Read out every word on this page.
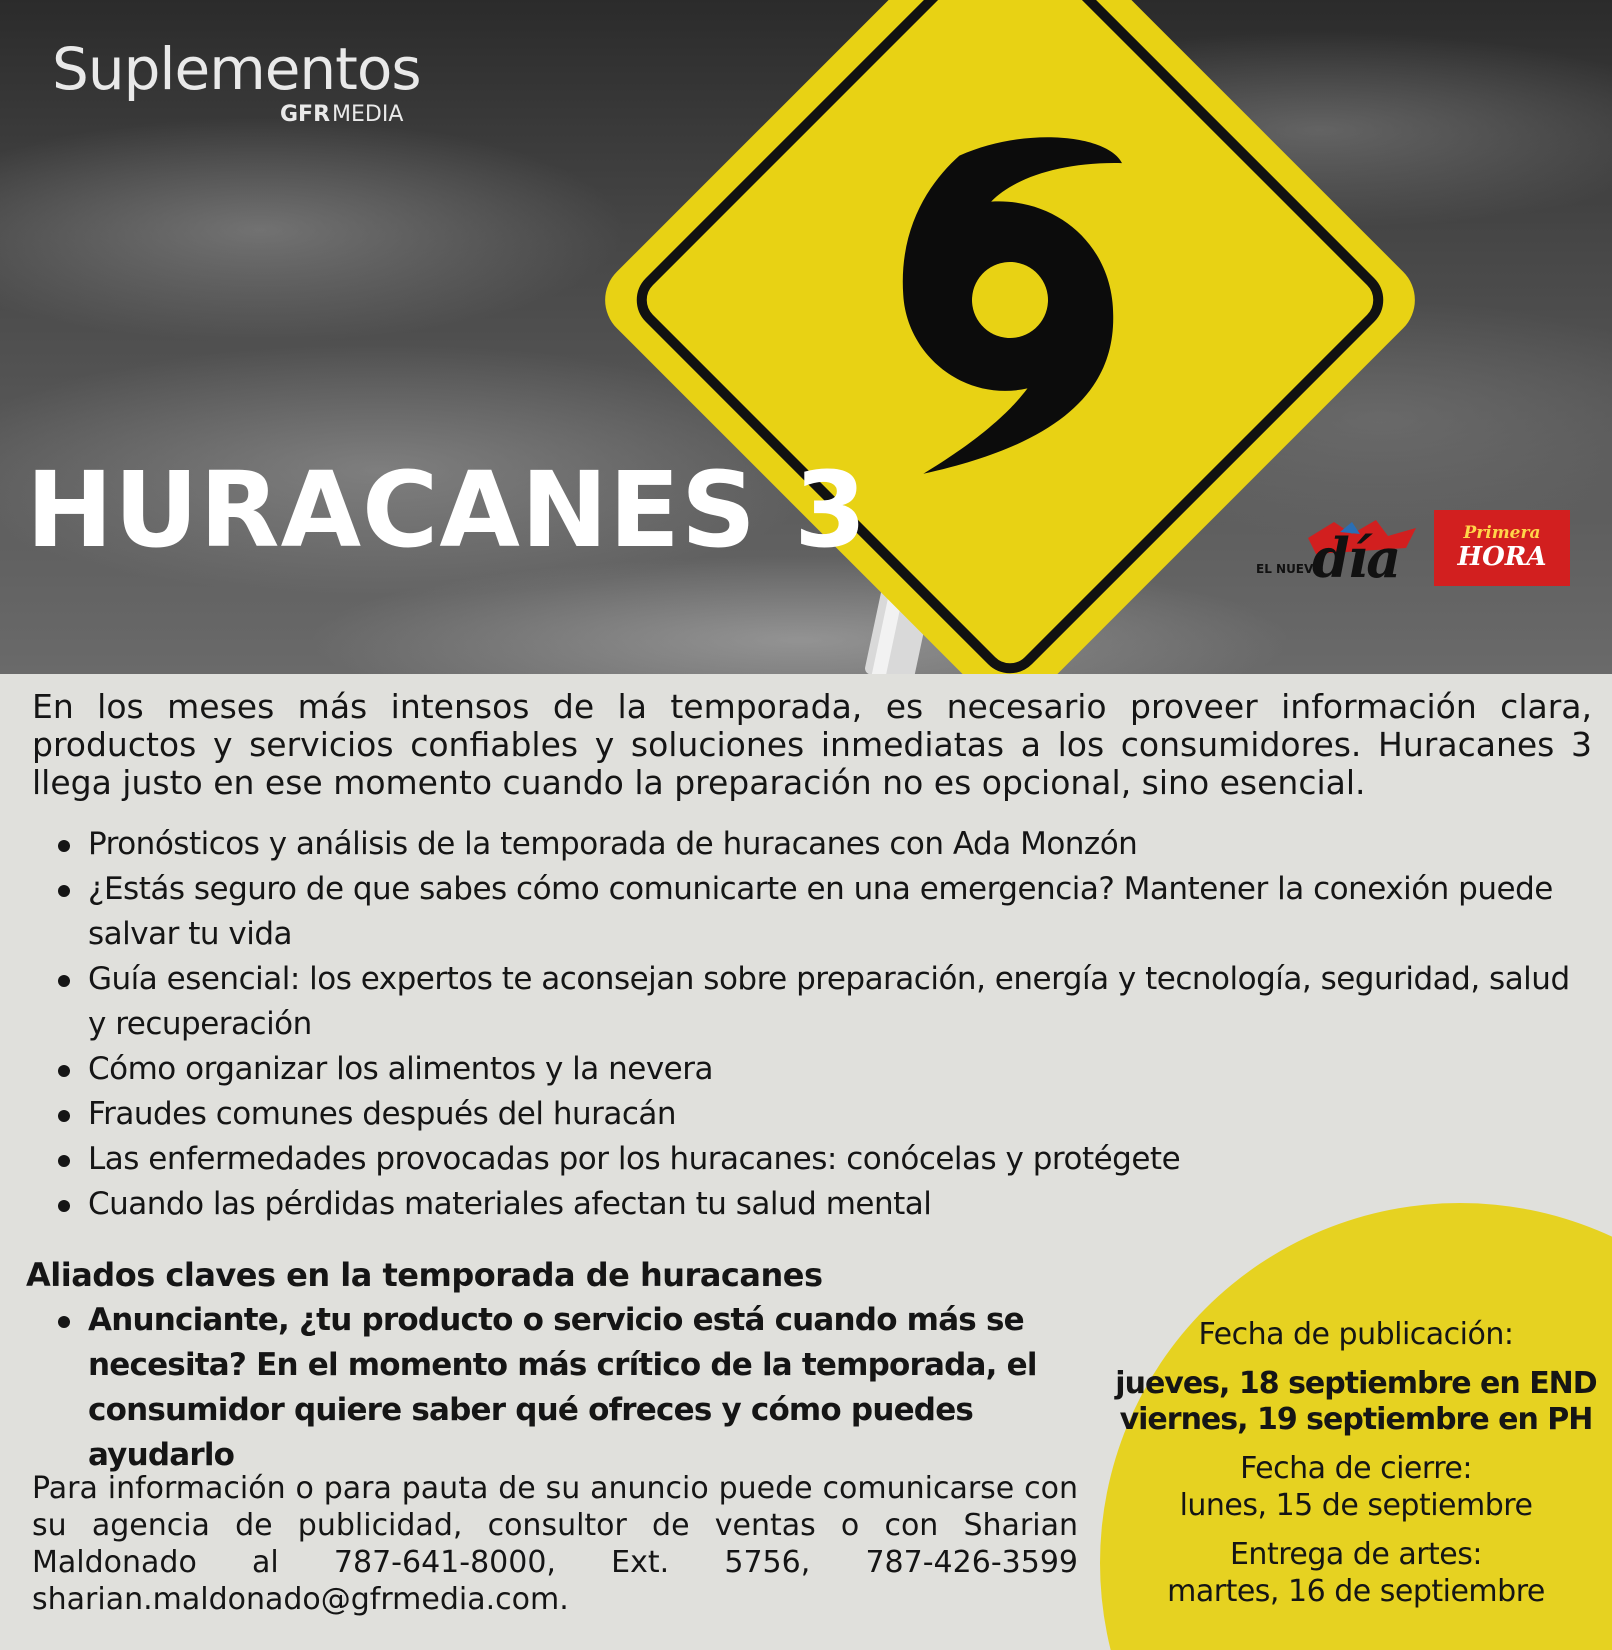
Suplementos
GFRMEDIA
HURACANES 3	EL NUEVO
día	Primera
HORA

En los meses más intensos de la temporada, es necesario proveer información clara, productos y servicios confiables y soluciones inmediatas a los consumidores. Huracanes 3 llega justo en ese momento cuando la preparación no es opcional, sino esencial.

Pronósticos y análisis de la temporada de huracanes con Ada Monzón
¿Estás seguro de que sabes cómo comunicarte en una emergencia? Mantener la conexión puede salvar tu vida
Guía esencial: los expertos te aconsejan sobre preparación, energía y tecnología, seguridad, salud y recuperación
Cómo organizar los alimentos y la nevera
Fraudes comunes después del huracán
Las enfermedades provocadas por los huracanes: conócelas y protégete
Cuando las pérdidas materiales afectan tu salud mental
Aliados claves en la temporada de huracanes
Anunciante, ¿tu producto o servicio está cuando más se necesita? En el momento más crítico de la temporada, el consumidor quiere saber qué ofreces y cómo puedes ayudarlo

Para información o para pauta de su anuncio puede comunicarse con su agencia de publicidad, consultor de ventas o con Sharian Maldonado al 787-641-8000, Ext. 5756, 787-426-3599 sharian.maldonado@gfrmedia.com.

Fecha de publicación:
jueves, 18 septiembre en END
viernes, 19 septiembre en PH
Fecha de cierre:
lunes, 15 de septiembre
Entrega de artes:
martes, 16 de septiembre
